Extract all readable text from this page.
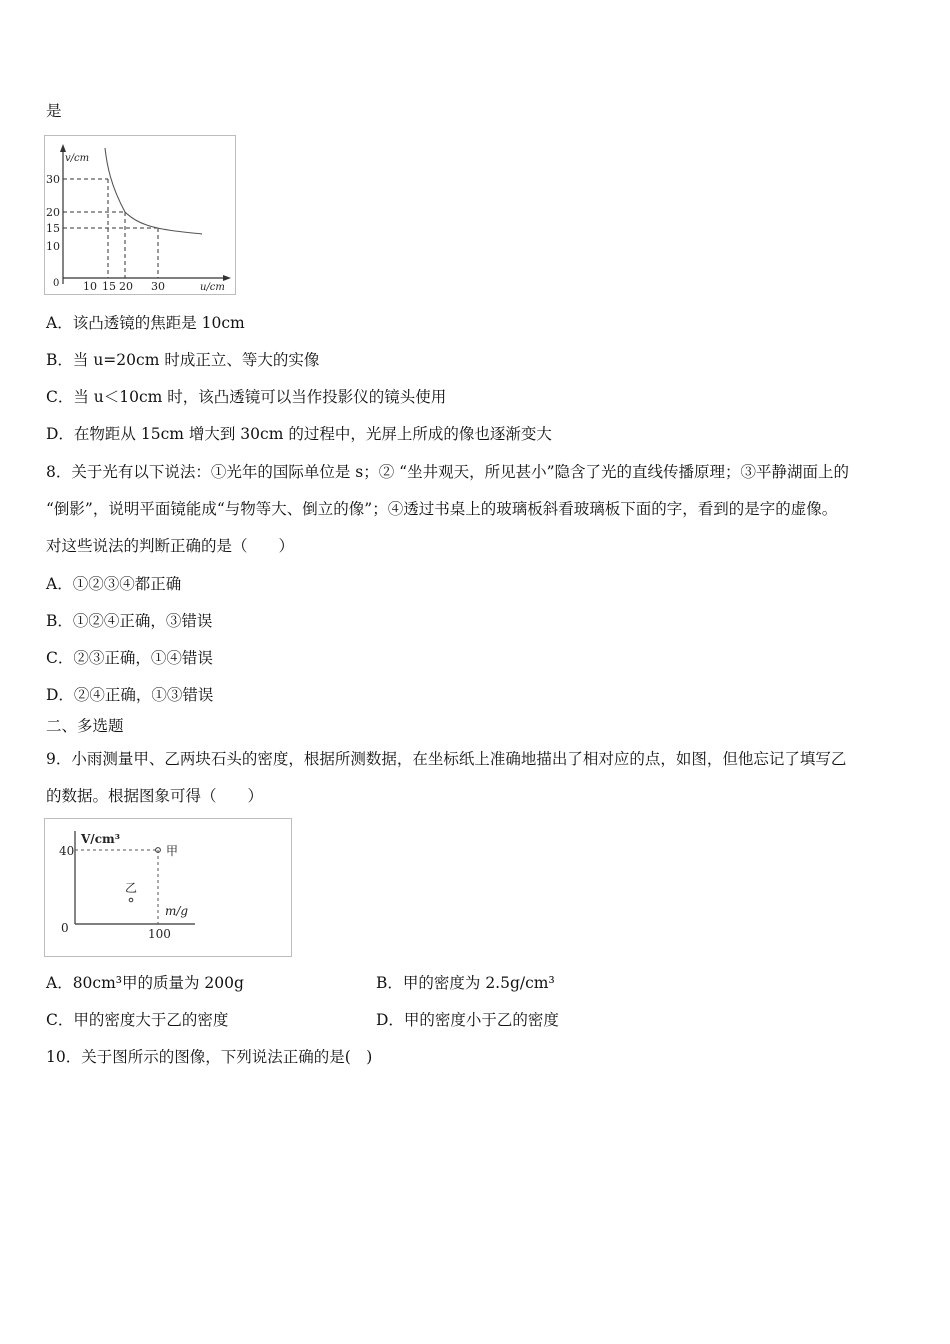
是
v/cm
u/cm
0
30
20
15
10
10 15 20 30
A．该凸透镜的焦距是 10cm
B．当 u=20cm 时成正立、等大的实像
C．当 u＜10cm 时，该凸透镜可以当作投影仪的镜头使用
D．在物距从 15cm 增大到 30cm 的过程中，光屏上所成的像也逐渐变大
8．关于光有以下说法：①光年的国际单位是 s；② “坐井观天，所见甚小”隐含了光的直线传播原理；③平静湖面上的
“倒影”，说明平面镜能成“与物等大、倒立的像”；④透过书桌上的玻璃板斜看玻璃板下面的字，看到的是字的虚像。
对这些说法的判断正确的是（　　）
A．①②③④都正确
B．①②④正确，③错误
C．②③正确，①④错误
D．②④正确，①③错误
二、多选题
9．小雨测量甲、乙两块石头的密度，根据所测数据，在坐标纸上准确地描出了相对应的点，如图，但他忘记了填写乙
的数据。根据图象可得（　　）
V/cm³
m/g
0
40
100
甲
乙
A．80cm³甲的质量为 200g	B．甲的密度为 2.5g/cm³
C．甲的密度大于乙的密度	D．甲的密度小于乙的密度
10．关于图所示的图像，下列说法正确的是(　)
